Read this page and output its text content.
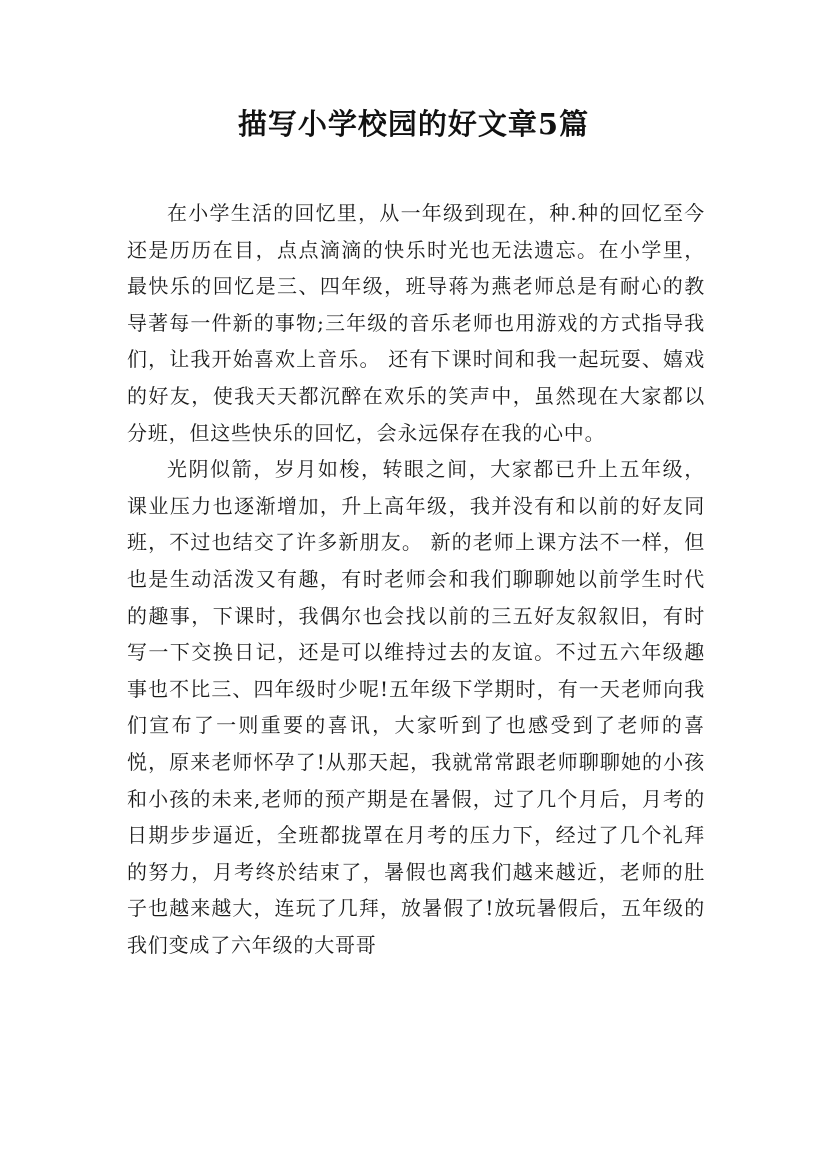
描写小学校园的好文章5篇

在小学生活的回忆里，从一年级到现在，种.种的回忆至今还是历历在目，点点滴滴的快乐时光也无法遗忘。在小学里，最快乐的回忆是三、四年级，班导蒋为燕老师总是有耐心的教导著每一件新的事物;三年级的音乐老师也用游戏的方式指导我们，让我开始喜欢上音乐。 还有下课时间和我一起玩耍、嬉戏的好友，使我天天都沉醉在欢乐的笑声中，虽然现在大家都以分班，但这些快乐的回忆，会永远保存在我的心中。

光阴似箭，岁月如梭，转眼之间，大家都已升上五年级，课业压力也逐渐增加，升上高年级，我并没有和以前的好友同班，不过也结交了许多新朋友。 新的老师上课方法不一样，但也是生动活泼又有趣，有时老师会和我们聊聊她以前学生时代的趣事，下课时，我偶尔也会找以前的三五好友叙叙旧，有时写一下交换日记，还是可以维持过去的友谊。不过五六年级趣事也不比三、四年级时少呢!五年级下学期时，有一天老师向我们宣布了一则重要的喜讯，大家听到了也感受到了老师的喜悦，原来老师怀孕了!从那天起，我就常常跟老师聊聊她的小孩和小孩的未来,老师的预产期是在暑假，过了几个月后，月考的日期步步逼近，全班都拢罩在月考的压力下，经过了几个礼拜的努力，月考终於结束了，暑假也离我们越来越近，老师的肚子也越来越大，连玩了几拜，放暑假了!放玩暑假后，五年级的我们变成了六年级的大哥哥
